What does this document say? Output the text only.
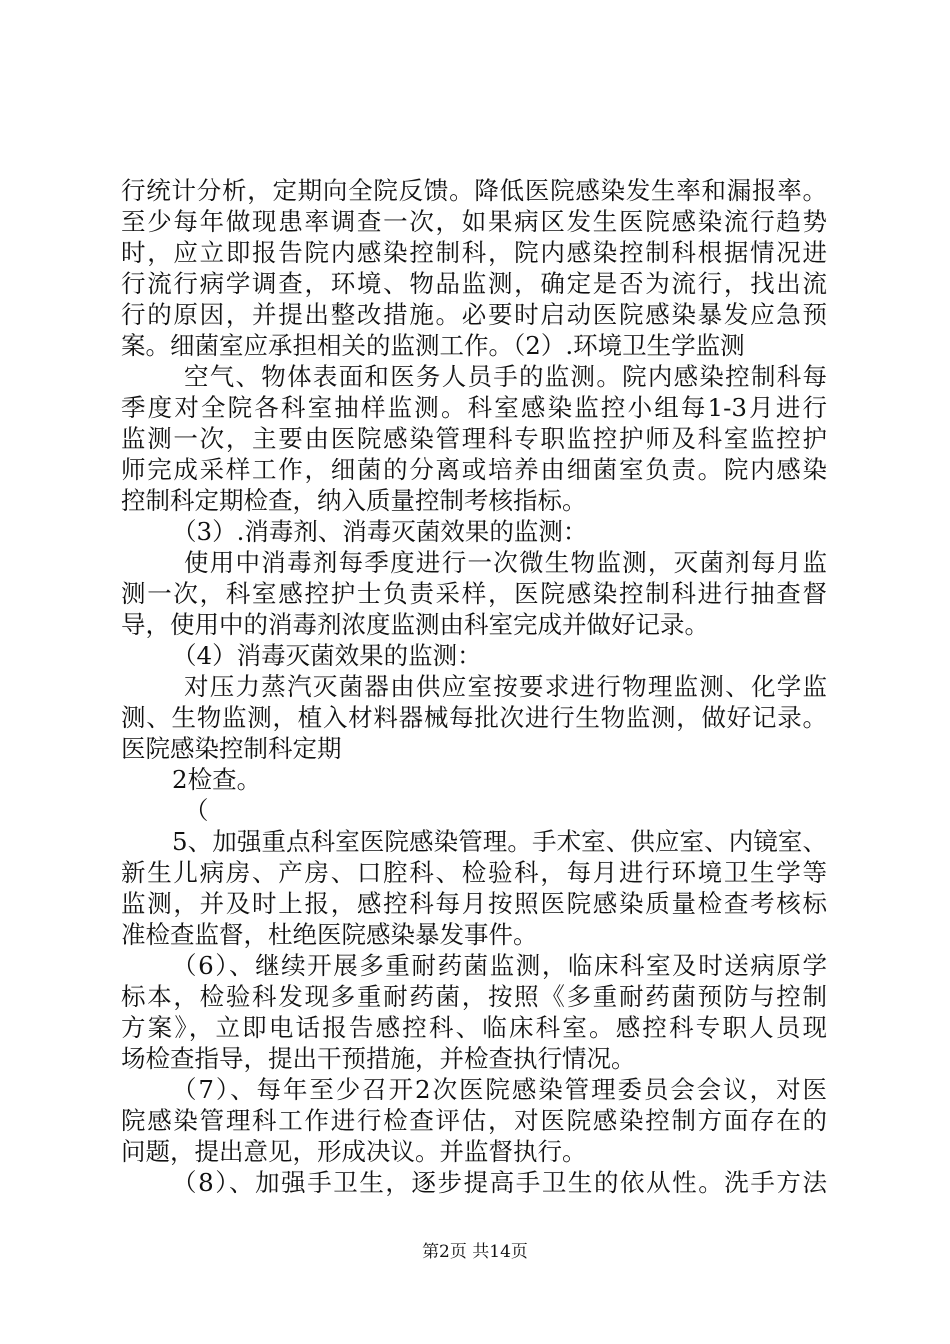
行统计分析，定期向全院反馈。降低医院感染发生率和漏报率。
至少每年做现患率调查一次，如果病区发生医院感染流行趋势
时，应立即报告院内感染控制科，院内感染控制科根据情况进
行流行病学调查，环境、物品监测，确定是否为流行，找出流
行的原因，并提出整改措施。必要时启动医院感染暴发应急预
案。细菌室应承担相关的监测工作。（2）.环境卫生学监测
空气、物体表面和医务人员手的监测。院内感染控制科每
季度对全院各科室抽样监测。科室感染监控小组每1-3月进行
监测一次，主要由医院感染管理科专职监控护师及科室监控护
师完成采样工作，细菌的分离或培养由细菌室负责。院内感染
控制科定期检查，纳入质量控制考核指标。
（3）.消毒剂、消毒灭菌效果的监测：
使用中消毒剂每季度进行一次微生物监测，灭菌剂每月监
测一次，科室感控护士负责采样，医院感染控制科进行抽查督
导，使用中的消毒剂浓度监测由科室完成并做好记录。
（4）消毒灭菌效果的监测：
对压力蒸汽灭菌器由供应室按要求进行物理监测、化学监
测、生物监测，植入材料器械每批次进行生物监测，做好记录。
医院感染控制科定期
2检查。
（
5、加强重点科室医院感染管理。手术室、供应室、内镜室、
新生儿病房、产房、口腔科、检验科，每月进行环境卫生学等
监测，并及时上报，感控科每月按照医院感染质量检查考核标
准检查监督，杜绝医院感染暴发事件。
（6）、继续开展多重耐药菌监测，临床科室及时送病原学
标本，检验科发现多重耐药菌，按照《多重耐药菌预防与控制
方案》，立即电话报告感控科、临床科室。感控科专职人员现
场检查指导，提出干预措施，并检查执行情况。
（7）、每年至少召开2次医院感染管理委员会会议，对医
院感染管理科工作进行检查评估，对医院感染控制方面存在的
问题，提出意见，形成决议。并监督执行。
（8）、加强手卫生，逐步提高手卫生的依从性。洗手方法
第2页 共14页
